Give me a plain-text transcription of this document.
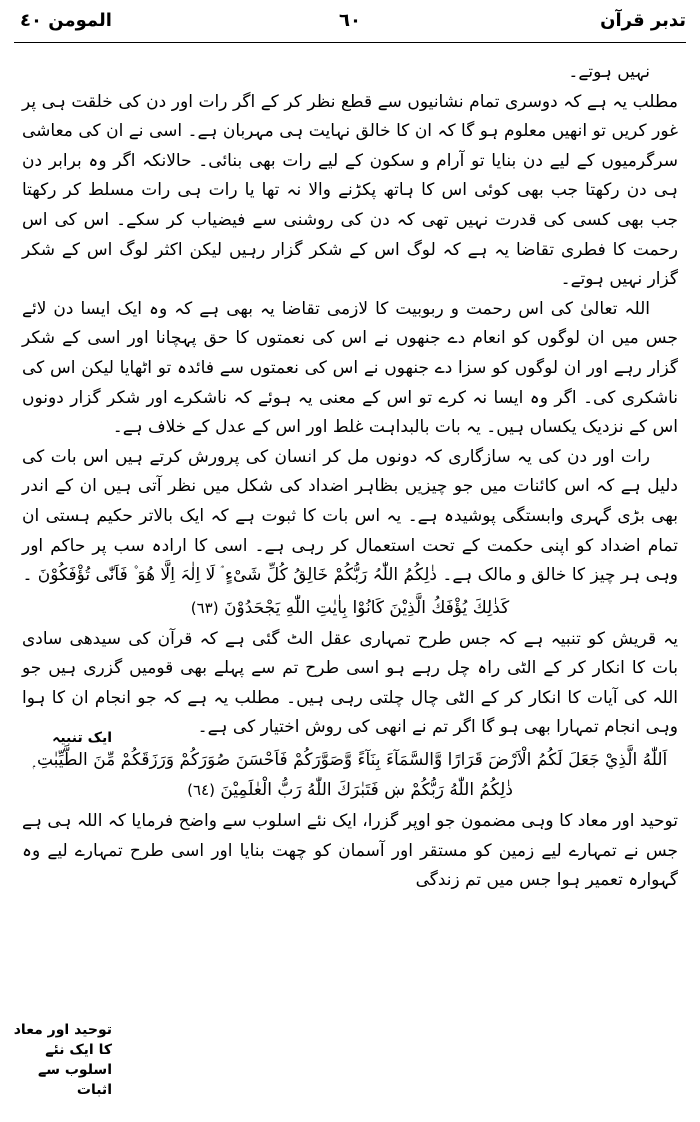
تدبر قرآن
٦٠
المومن ٤٠

نہیں ہوتے۔

مطلب یہ ہے کہ دوسری تمام نشانیوں سے قطع نظر کر کے اگر رات اور دن کی خلقت ہی پر غور کریں تو انھیں معلوم ہو گا کہ ان کا خالق نہایت ہی مہربان ہے۔ اسی نے ان کی معاشی سرگرمیوں کے لیے دن بنایا تو آرام و سکون کے لیے رات بھی بنائی۔ حالانکہ اگر وہ برابر دن ہی دن رکھتا جب بھی کوئی اس کا ہاتھ پکڑنے والا نہ تھا یا رات ہی رات مسلط کر رکھتا جب بھی کسی کی قدرت نہیں تھی کہ دن کی روشنی سے فیضیاب کر سکے۔ اس کی اس رحمت کا فطری تقاضا یہ ہے کہ لوگ اس کے شکر گزار رہیں لیکن اکثر لوگ اس کے شکر گزار نہیں ہوتے۔

اللہ تعالیٰ کی اس رحمت و ربوبیت کا لازمی تقاضا یہ بھی ہے کہ وہ ایک ایسا دن لائے جس میں ان لوگوں کو انعام دے جنھوں نے اس کی نعمتوں کا حق پہچانا اور اسی کے شکر گزار رہے اور ان لوگوں کو سزا دے جنھوں نے اس کی نعمتوں سے فائدہ تو اٹھایا لیکن اس کی ناشکری کی۔ اگر وہ ایسا نہ کرے تو اس کے معنی یہ ہوئے کہ ناشکرے اور شکر گزار دونوں اس کے نزدیک یکساں ہیں۔ یہ بات بالبداہت غلط اور اس کے عدل کے خلاف ہے۔

رات اور دن کی یہ سازگاری کہ دونوں مل کر انسان کی پرورش کرتے ہیں اس بات کی دلیل ہے کہ اس کائنات میں جو چیزیں بظاہر اضداد کی شکل میں نظر آتی ہیں ان کے اندر بھی بڑی گہری وابستگی پوشیدہ ہے۔ یہ اس بات کا ثبوت ہے کہ ایک بالاتر حکیم ہستی ان تمام اضداد کو اپنی حکمت کے تحت استعمال کر رہی ہے۔ اسی کا ارادہ سب پر حاکم اور وہی ہر چیز کا خالق و مالک ہے۔ ذٰلِکُمُ اللّٰہُ رَبُّکُمْ خَالِقُ کُلِّ شَیْءٍ ۘ لَا اِلٰہَ اِلَّا ھُوَ ۫ فَاَنّٰی تُؤْفَکُوْنَ ۔

كَذٰلِكَ يُؤْفَكُ الَّذِيْنَ كَانُوْا بِاٰيٰتِ اللّٰهِ يَجْحَدُوْنَ (٦٣)

یہ قریش کو تنبیہ ہے کہ جس طرح تمہاری عقل الٹ گئی ہے کہ قرآن کی سیدھی سادی بات کا انکار کر کے الٹی راہ چل رہے ہو اسی طرح تم سے پہلے بھی قومیں گزری ہیں جو اللہ کی آیات کا انکار کر کے الٹی چال چلتی رہی ہیں۔ مطلب یہ ہے کہ جو انجام ان کا ہوا وہی انجام تمہارا بھی ہو گا اگر تم نے انھی کی روش اختیار کی ہے۔

اَللّٰهُ الَّذِيْ جَعَلَ لَكُمُ الْاَرْضَ قَرَارًا وَّالسَّمَآءَ بِنَآءً وَّصَوَّرَكُمْ فَاَحْسَنَ صُوَرَكُمْ وَرَزَقَكُمْ مِّنَ الطَّيِّبٰتِ ۭ ذٰلِكُمُ اللّٰهُ رَبُّكُمْ ښ فَتَبٰرَكَ اللّٰهُ رَبُّ الْعٰلَمِيْنَ (٦٤)

توحید اور معاد کا وہی مضمون جو اوپر گزرا، ایک نئے اسلوب سے واضح فرمایا کہ اللہ ہی ہے جس نے تمہارے لیے زمین کو مستقر اور آسمان کو چھت بنایا اور اسی طرح تمہارے لیے وہ گہوارہ تعمیر ہوا جس میں تم زندگی

ایک تنبیہ
توحید اور معاد کا ایک نئے اسلوب سے اثبات
